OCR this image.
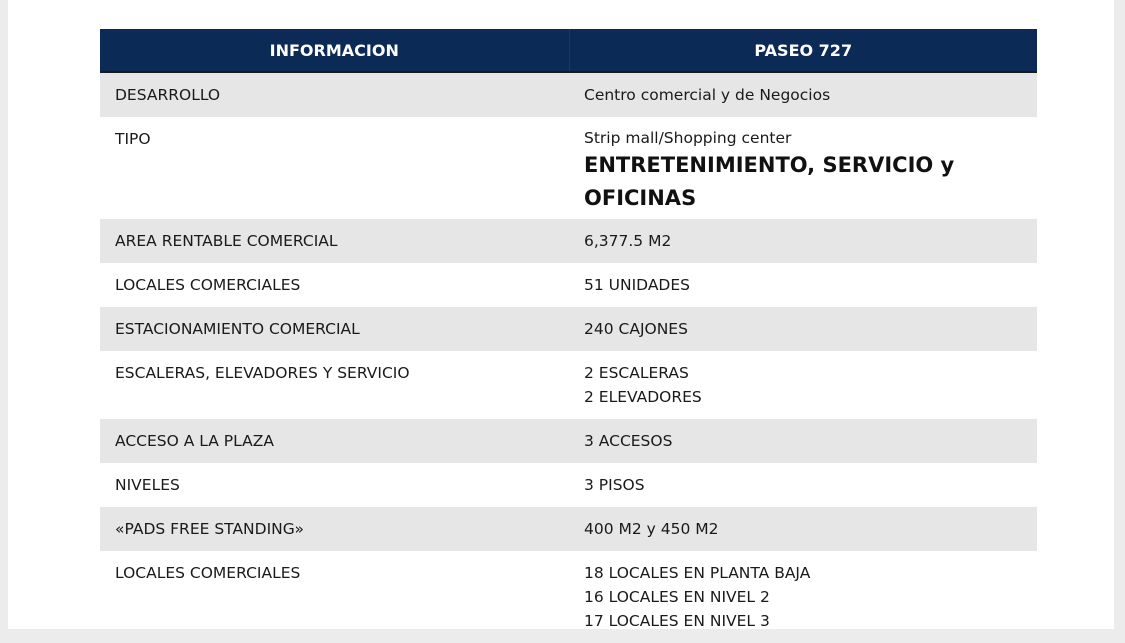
INFORMACION	PASEO 727
DESARROLLO	Centro comercial y de Negocios

TIPO	Strip mall/Shopping center
ENTRETENIMIENTO, SERVICIO y
OFICINAS

AREA RENTABLE COMERCIAL	6,377.5 M2

LOCALES COMERCIALES	51 UNIDADES

ESTACIONAMIENTO COMERCIAL	240 CAJONES

ESCALERAS, ELEVADORES Y SERVICIO	2 ESCALERAS
2 ELEVADORES

ACCESO A LA PLAZA	3 ACCESOS

NIVELES	3 PISOS

«PADS FREE STANDING»	400 M2 y 450 M2

LOCALES COMERCIALES	18 LOCALES EN PLANTA BAJA
16 LOCALES EN NIVEL 2
17 LOCALES EN NIVEL 3
